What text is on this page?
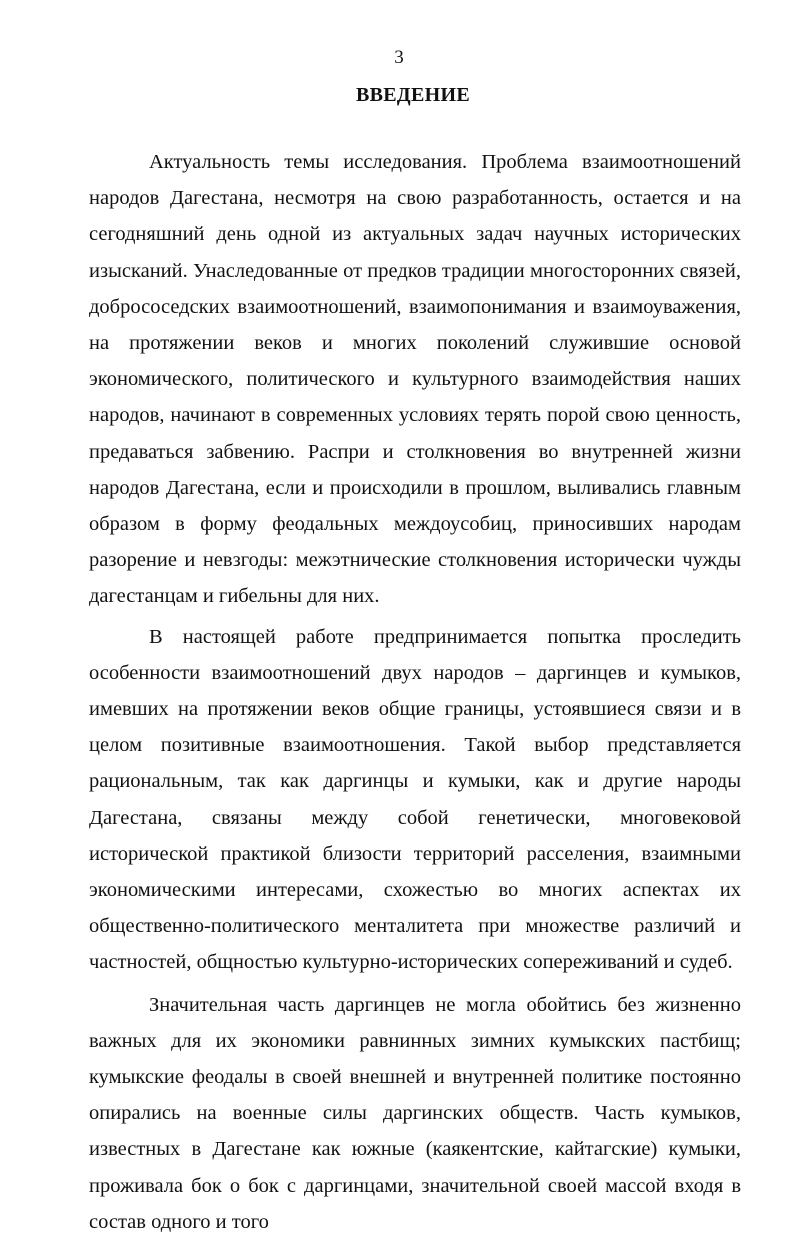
3
ВВЕДЕНИЕ

Актуальность темы исследования. Проблема взаимоотношений народов Дагестана, несмотря на свою разработанность, остается и на сегодняшний день одной из актуальных задач научных исторических изысканий. Унаследованные от предков традиции многосторонних связей, добрососедских взаимоотношений, взаимопонимания и взаимоуважения, на протяжении веков и многих поколений служившие основой экономического, политического и культурного взаимодействия наших народов, начинают в современных условиях терять порой свою ценность, предаваться забвению. Распри и столкновения во внутренней жизни народов Дагестана, если и происходили в прошлом, выливались главным образом в форму феодальных междоусобиц, приносивших народам разорение и невзгоды: межэтнические столкновения исторически чужды дагестанцам и гибельны для них.

В настоящей работе предпринимается попытка проследить особенности взаимоотношений двух народов – даргинцев и кумыков, имевших на протяжении веков общие границы, устоявшиеся связи и в целом позитивные взаимоотношения. Такой выбор представляется рациональным, так как даргинцы и кумыки, как и другие народы Дагестана, связаны между собой генетически, многовековой исторической практикой близости территорий расселения, взаимными экономическими интересами, схожестью во многих аспектах их общественно-политического менталитета при множестве различий и частностей, общностью культурно-исторических сопереживаний и судеб.

Значительная часть даргинцев не могла обойтись без жизненно важных для их экономики равнинных зимних кумыкских пастбищ; кумыкские феодалы в своей внешней и внутренней политике постоянно опирались на военные силы даргинских обществ. Часть кумыков, известных в Дагестане как южные (каякентские, кайтагские) кумыки, проживала бок о бок с даргинцами, значительной своей массой входя в состав одного и того
